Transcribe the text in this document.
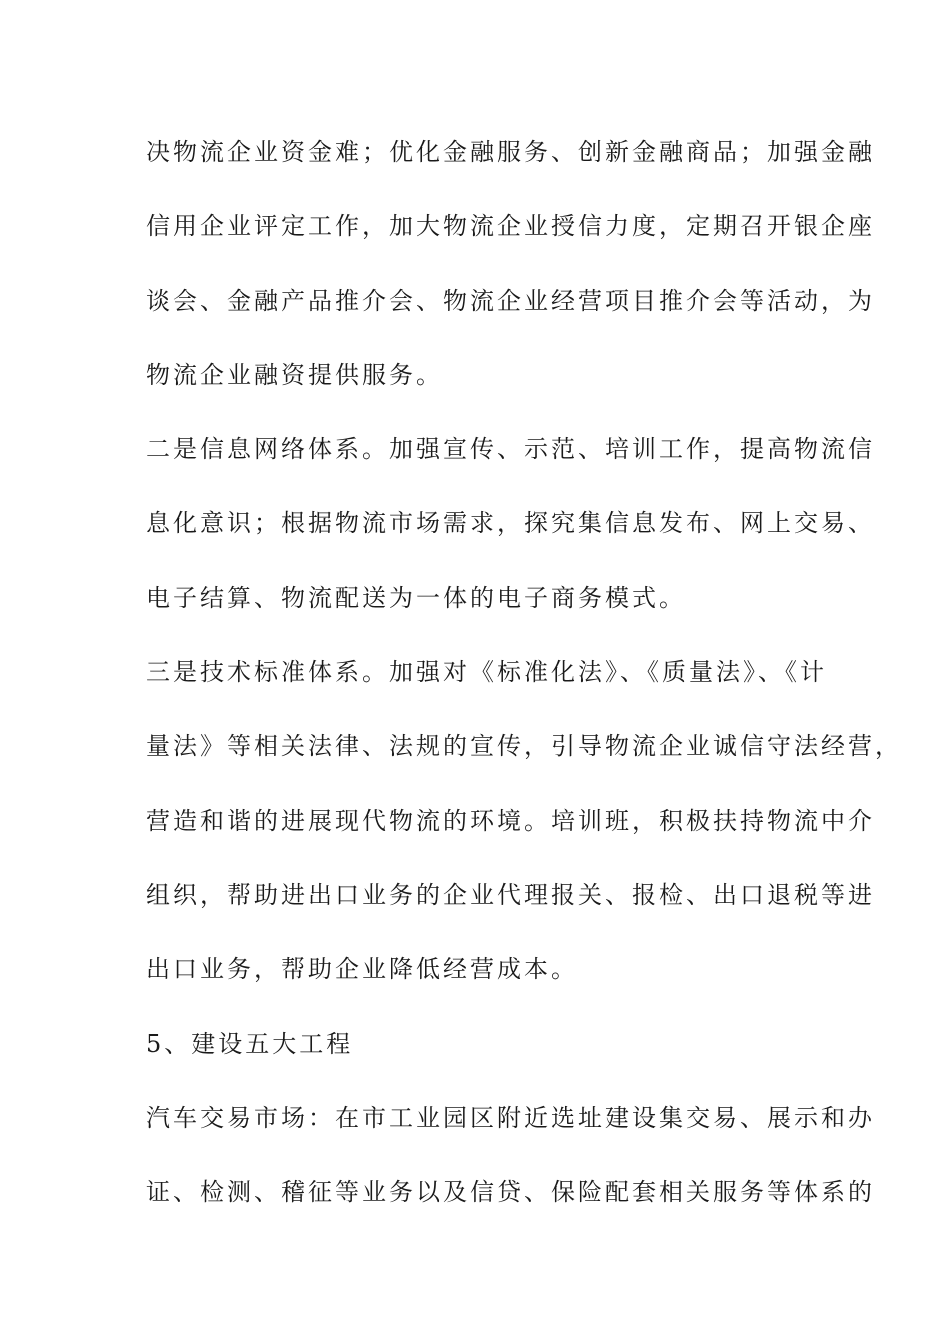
决物流企业资金难；优化金融服务、创新金融商品；加强金融
信用企业评定工作，加大物流企业授信力度，定期召开银企座
谈会、金融产品推介会、物流企业经营项目推介会等活动，为
物流企业融资提供服务。
二是信息网络体系。加强宣传、示范、培训工作，提高物流信
息化意识；根据物流市场需求，探究集信息发布、网上交易、
电子结算、物流配送为一体的电子商务模式。
三是技术标准体系。加强对《标准化法》、《质量法》、《计
量法》等相关法律、法规的宣传，引导物流企业诚信守法经营，
营造和谐的进展现代物流的环境。培训班，积极扶持物流中介
组织，帮助进出口业务的企业代理报关、报检、出口退税等进
出口业务，帮助企业降低经营成本。
5、建设五大工程
汽车交易市场：在市工业园区附近选址建设集交易、展示和办
证、检测、稽征等业务以及信贷、保险配套相关服务等体系的
